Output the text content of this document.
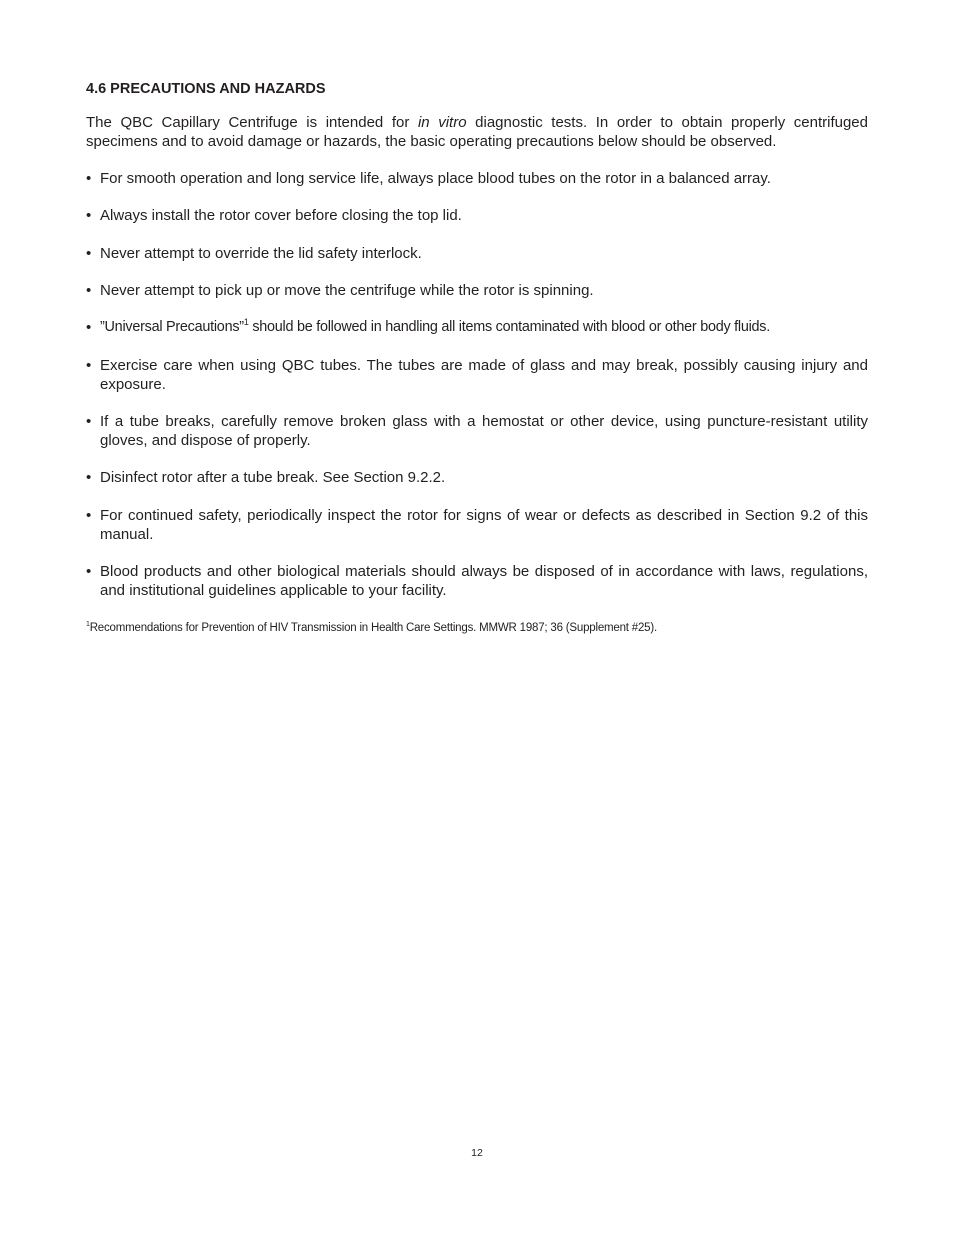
4.6 PRECAUTIONS AND HAZARDS

The QBC Capillary Centrifuge is intended for in vitro diagnostic tests. In order to obtain properly centrifuged specimens and to avoid damage or hazards, the basic operating precautions below should be observed.

• For smooth operation and long service life, always place blood tubes on the rotor in a balanced array.
• Always install the rotor cover before closing the top lid.
• Never attempt to override the lid safety interlock.
• Never attempt to pick up or move the centrifuge while the rotor is spinning.
• ”Universal Precautions”$^1$ should be followed in handling all items contaminated with blood or other body fluids.
• Exercise care when using QBC tubes. The tubes are made of glass and may break, possibly causing injury and exposure.
• If a tube breaks, carefully remove broken glass with a hemostat or other device, using puncture-resistant utility gloves, and dispose of properly.
• Disinfect rotor after a tube break. See Section 9.2.2.
• For continued safety, periodically inspect the rotor for signs of wear or defects as described in Section 9.2 of this manual.
• Blood products and other biological materials should always be disposed of in accordance with laws, regulations, and institutional guidelines applicable to your facility.

$^1$Recommendations for Prevention of HIV Transmission in Health Care Settings. MMWR 1987; 36 (Supplement #25).

12
